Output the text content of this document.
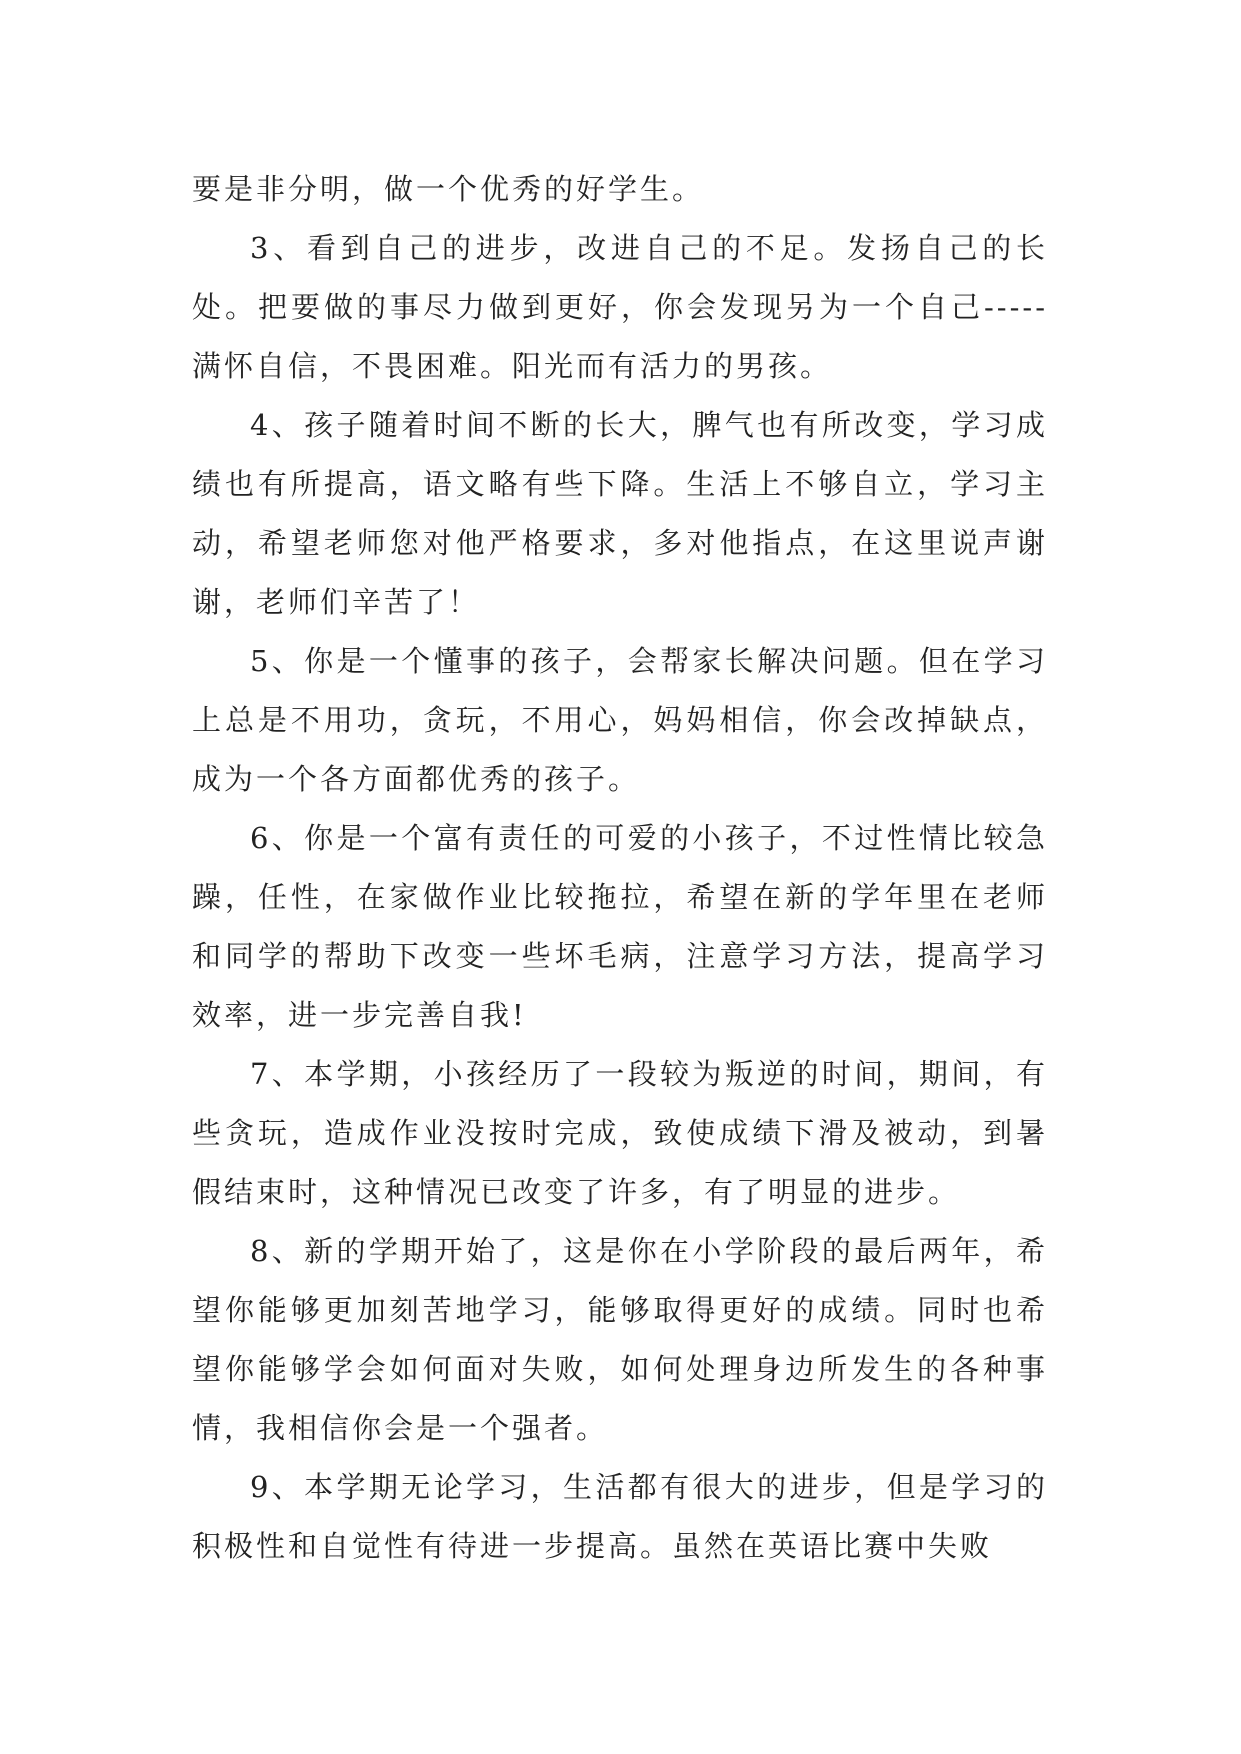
要是非分明，做一个优秀的好学生。

3、看到自己的进步，改进自己的不足。发扬自己的长处。把要做的事尽力做到更好，你会发现另为一个自己-----满怀自信，不畏困难。阳光而有活力的男孩。

4、孩子随着时间不断的长大，脾气也有所改变，学习成绩也有所提高，语文略有些下降。生活上不够自立，学习主动，希望老师您对他严格要求，多对他指点，在这里说声谢谢，老师们辛苦了！

5、你是一个懂事的孩子，会帮家长解决问题。但在学习上总是不用功，贪玩，不用心，妈妈相信，你会改掉缺点，成为一个各方面都优秀的孩子。

6、你是一个富有责任的可爱的小孩子，不过性情比较急躁，任性，在家做作业比较拖拉，希望在新的学年里在老师和同学的帮助下改变一些坏毛病，注意学习方法，提高学习效率，进一步完善自我!

7、本学期，小孩经历了一段较为叛逆的时间，期间，有些贪玩，造成作业没按时完成，致使成绩下滑及被动，到暑假结束时，这种情况已改变了许多，有了明显的进步。

8、新的学期开始了，这是你在小学阶段的最后两年，希望你能够更加刻苦地学习，能够取得更好的成绩。同时也希望你能够学会如何面对失败，如何处理身边所发生的各种事情，我相信你会是一个强者。

9、本学期无论学习，生活都有很大的进步，但是学习的积极性和自觉性有待进一步提高。虽然在英语比赛中失败
